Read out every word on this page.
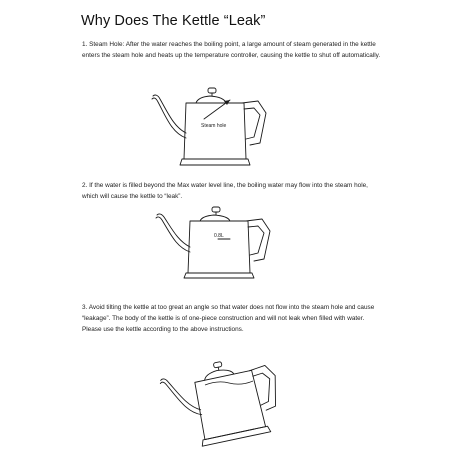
Why Does The Kettle “Leak”

1. Steam Hole: After the water reaches the boiling point, a large amount of steam generated in the kettle enters the steam hole and heats up the temperature controller, causing the kettle to shut off automatically.

Steam hole

2. If the water is filled beyond the Max water level line, the boiling water may flow into the steam hole, which will cause the kettle to “leak”.

0.8L

3. Avoid tilting the kettle at too great an angle so that water does not flow into the steam hole and cause “leakage”. The body of the kettle is of one-piece construction and will not leak when filled with water. Please use the kettle according to the above instructions.
